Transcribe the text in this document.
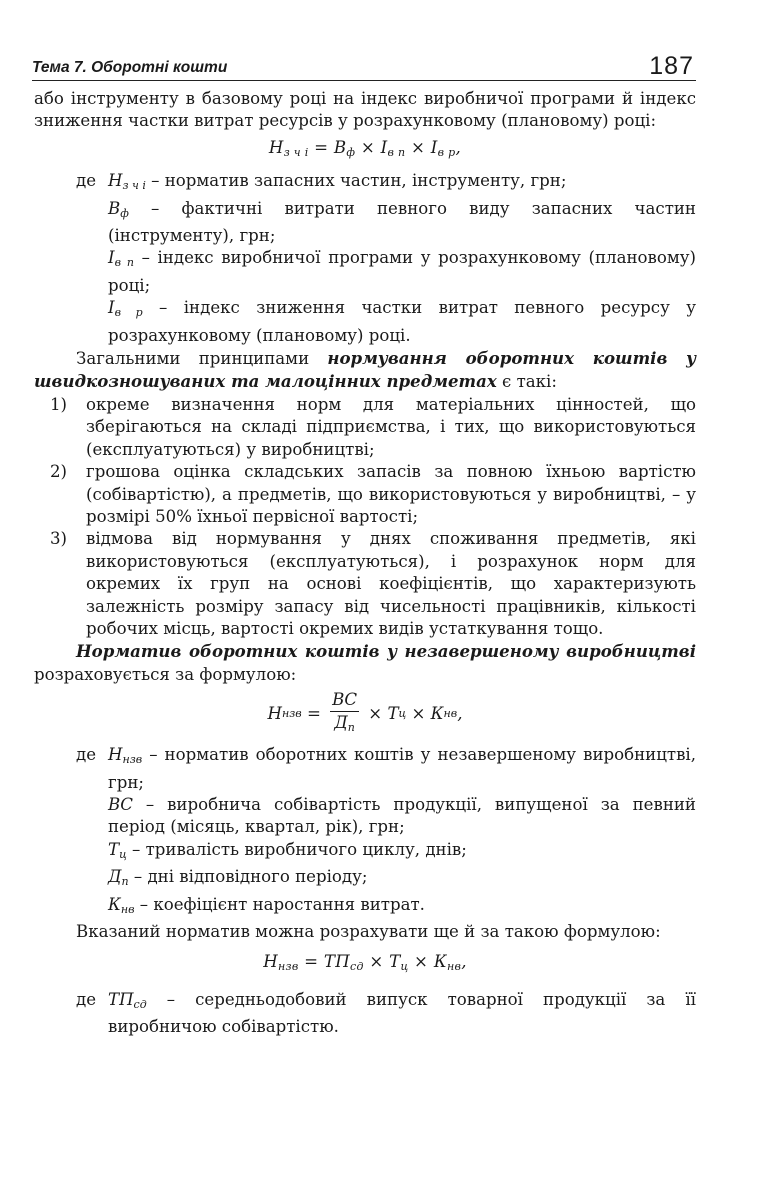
Тема 7. Оборотні кошти	187

або інструменту в базовому році на індекс виробничої програми й індекс зниження частки витрат ресурсів у розрахунковому (плановому) році:

$Н_{з ч і} = В_ф \times І_{в п} \times І_{в р}$,
де $Н_{з ч і}$ – норматив запасних частин, інструменту, грн;
$В_ф$ – фактичні витрати певного виду запасних частин (інструменту), грн;
$І_{в п}$ – індекс виробничої програми у розрахунковому (плановому) році;
$І_{в р}$ – індекс зниження частки витрат певного ресурсу у розрахунковому (плановому) році.

Загальними принципами нормування оборотних коштів у швидкозношуваних та малоцінних предметах є такі:

1) окреме визначення норм для матеріальних цінностей, що зберігаються на складі підприємства, і тих, що використовуються (експлуатуються) у виробництві;
2) грошова оцінка складських запасів за повною їхньою вартістю (собівартістю), а предметів, що використовуються у виробництві, – у розмірі 50% їхньої первісної вартості;
3) відмова від нормування у днях споживання предметів, які використовуються (експлуатуються), і розрахунок норм для окремих їх груп на основі коефіцієнтів, що характеризують залежність розміру запасу від чисельності працівників, кількості робочих місць, вартості окремих видів устаткування тощо.

Норматив оборотних коштів у незавершеному виробництві розраховується за формулою:

Н нзв = $\frac{ВС}{Д_п} \times Т$ ц × К нв ,
де $Н_{нзв}$ – норматив оборотних коштів у незавершеному виробництві, грн;
ВС – виробнича собівартість продукції, випущеної за певний період (місяць, квартал, рік), грн;
$Т_ц$ – тривалість виробничого циклу, днів;
$Д_п$ – дні відповідного періоду;
$К_{нв}$ – коефіцієнт наростання витрат.

Вказаний норматив можна розрахувати ще й за такою формулою:

$Н_{нзв} = ТП_{сд} \times Т_ц \times К_{нв}$,
де $ТП_{сд}$ – середньодобовий випуск товарної продукції за її виробничою собівартістю.
